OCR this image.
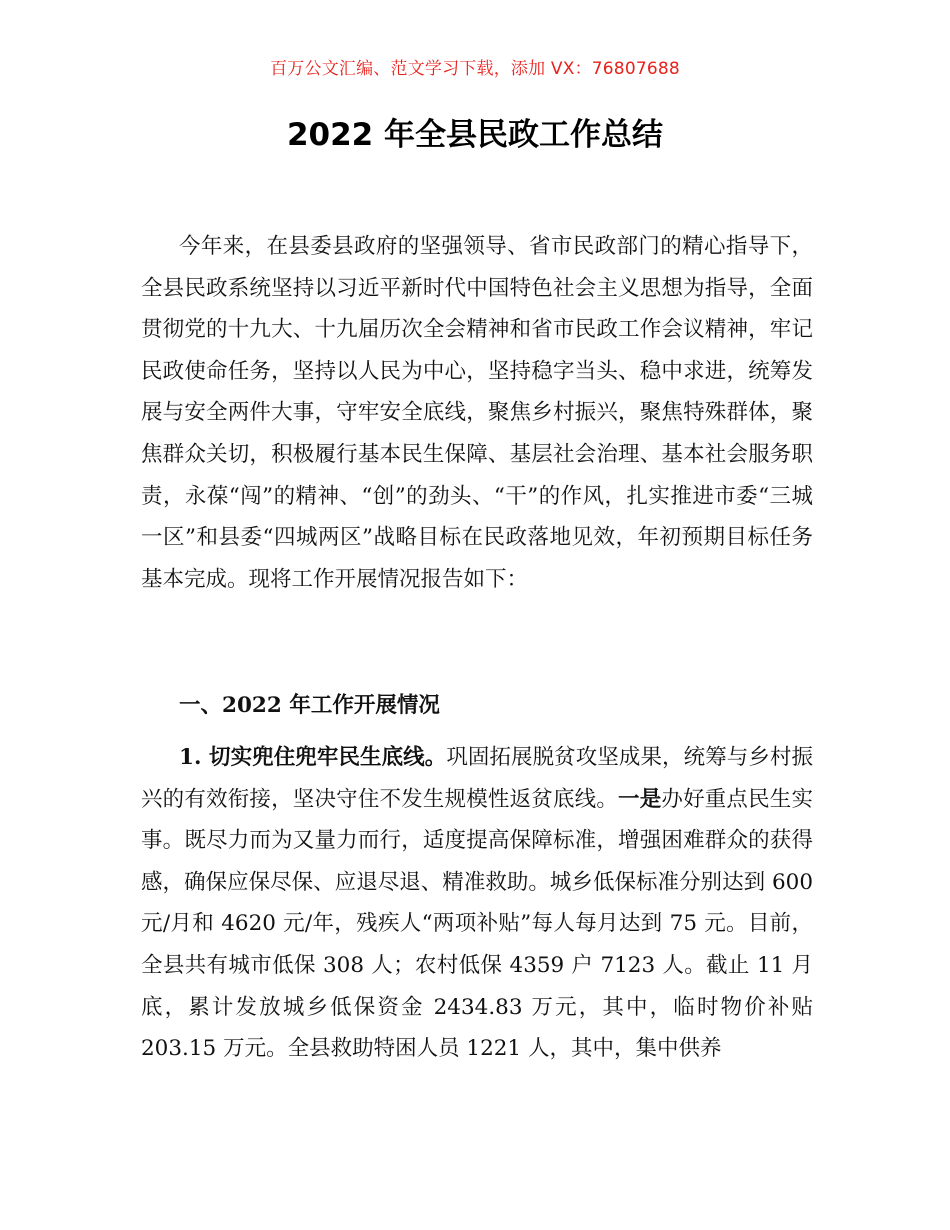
百万公文汇编、范文学习下载，添加 VX：76807688
2022 年全县民政工作总结

今年来，在县委县政府的坚强领导、省市民政部门的精心指导下，全县民政系统坚持以习近平新时代中国特色社会主义思想为指导，全面贯彻党的十九大、十九届历次全会精神和省市民政工作会议精神，牢记民政使命任务，坚持以人民为中心，坚持稳字当头、稳中求进，统筹发展与安全两件大事，守牢安全底线，聚焦乡村振兴，聚焦特殊群体，聚焦群众关切，积极履行基本民生保障、基层社会治理、基本社会服务职责，永葆“闯”的精神、“创”的劲头、“干”的作风，扎实推进市委“三城一区”和县委“四城两区”战略目标在民政落地见效，年初预期目标任务基本完成。现将工作开展情况报告如下：

一、2022 年工作开展情况

1. 切实兜住兜牢民生底线。巩固拓展脱贫攻坚成果，统筹与乡村振兴的有效衔接，坚决守住不发生规模性返贫底线。一是办好重点民生实事。既尽力而为又量力而行，适度提高保障标准，增强困难群众的获得感，确保应保尽保、应退尽退、精准救助。城乡低保标准分别达到 600 元/月和 4620 元/年，残疾人“两项补贴”每人每月达到 75 元。目前，全县共有城市低保 308 人；农村低保 4359 户 7123 人。截止 11 月底，累计发放城乡低保资金 2434.83 万元，其中，临时物价补贴 203.15 万元。全县救助特困人员 1221 人，其中，集中供养
